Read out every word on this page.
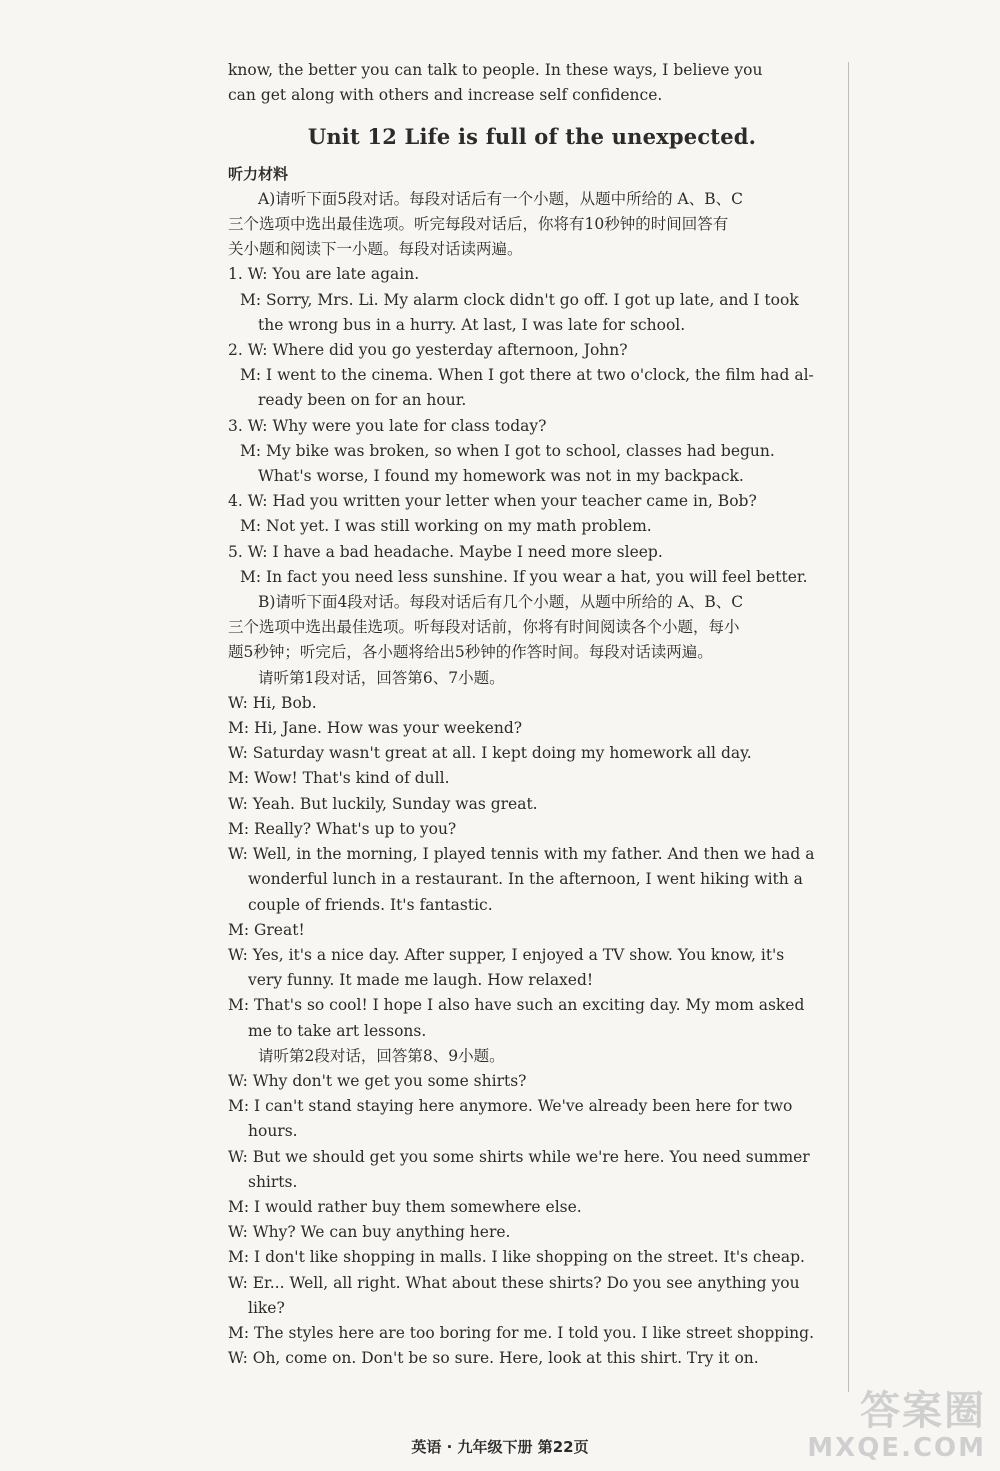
know, the better you can talk to people. In these ways, I believe you

can get along with others and increase self confidence.

Unit 12 Life is full of the unexpected.

听力材料

A)请听下面5段对话。每段对话后有一个小题，从题中所给的 A、B、C

三个选项中选出最佳选项。听完每段对话后，你将有10秒钟的时间回答有

关小题和阅读下一小题。每段对话读两遍。

1. W: You are late again.

M: Sorry, Mrs. Li. My alarm clock didn't go off. I got up late, and I took

the wrong bus in a hurry. At last, I was late for school.

2. W: Where did you go yesterday afternoon, John?

M: I went to the cinema. When I got there at two o'clock, the film had al-

ready been on for an hour.

3. W: Why were you late for class today?

M: My bike was broken, so when I got to school, classes had begun.

What's worse, I found my homework was not in my backpack.

4. W: Had you written your letter when your teacher came in, Bob?

M: Not yet. I was still working on my math problem.

5. W: I have a bad headache. Maybe I need more sleep.

M: In fact you need less sunshine. If you wear a hat, you will feel better.

B)请听下面4段对话。每段对话后有几个小题，从题中所给的 A、B、C

三个选项中选出最佳选项。听每段对话前，你将有时间阅读各个小题，每小

题5秒钟；听完后，各小题将给出5秒钟的作答时间。每段对话读两遍。

请听第1段对话，回答第6、7小题。

W: Hi, Bob.

M: Hi, Jane. How was your weekend?

W: Saturday wasn't great at all. I kept doing my homework all day.

M: Wow! That's kind of dull.

W: Yeah. But luckily, Sunday was great.

M: Really? What's up to you?

W: Well, in the morning, I played tennis with my father. And then we had a

wonderful lunch in a restaurant. In the afternoon, I went hiking with a

couple of friends. It's fantastic.

M: Great!

W: Yes, it's a nice day. After supper, I enjoyed a TV show. You know, it's

very funny. It made me laugh. How relaxed!

M: That's so cool! I hope I also have such an exciting day. My mom asked

me to take art lessons.

请听第2段对话，回答第8、9小题。

W: Why don't we get you some shirts?

M: I can't stand staying here anymore. We've already been here for two

hours.

W: But we should get you some shirts while we're here. You need summer

shirts.

M: I would rather buy them somewhere else.

W: Why? We can buy anything here.

M: I don't like shopping in malls. I like shopping on the street. It's cheap.

W: Er... Well, all right. What about these shirts? Do you see anything you

like?

M: The styles here are too boring for me. I told you. I like street shopping.

W: Oh, come on. Don't be so sure. Here, look at this shirt. Try it on.

英语 · 九年级下册 第22页
答案圈
MXQE.COM
